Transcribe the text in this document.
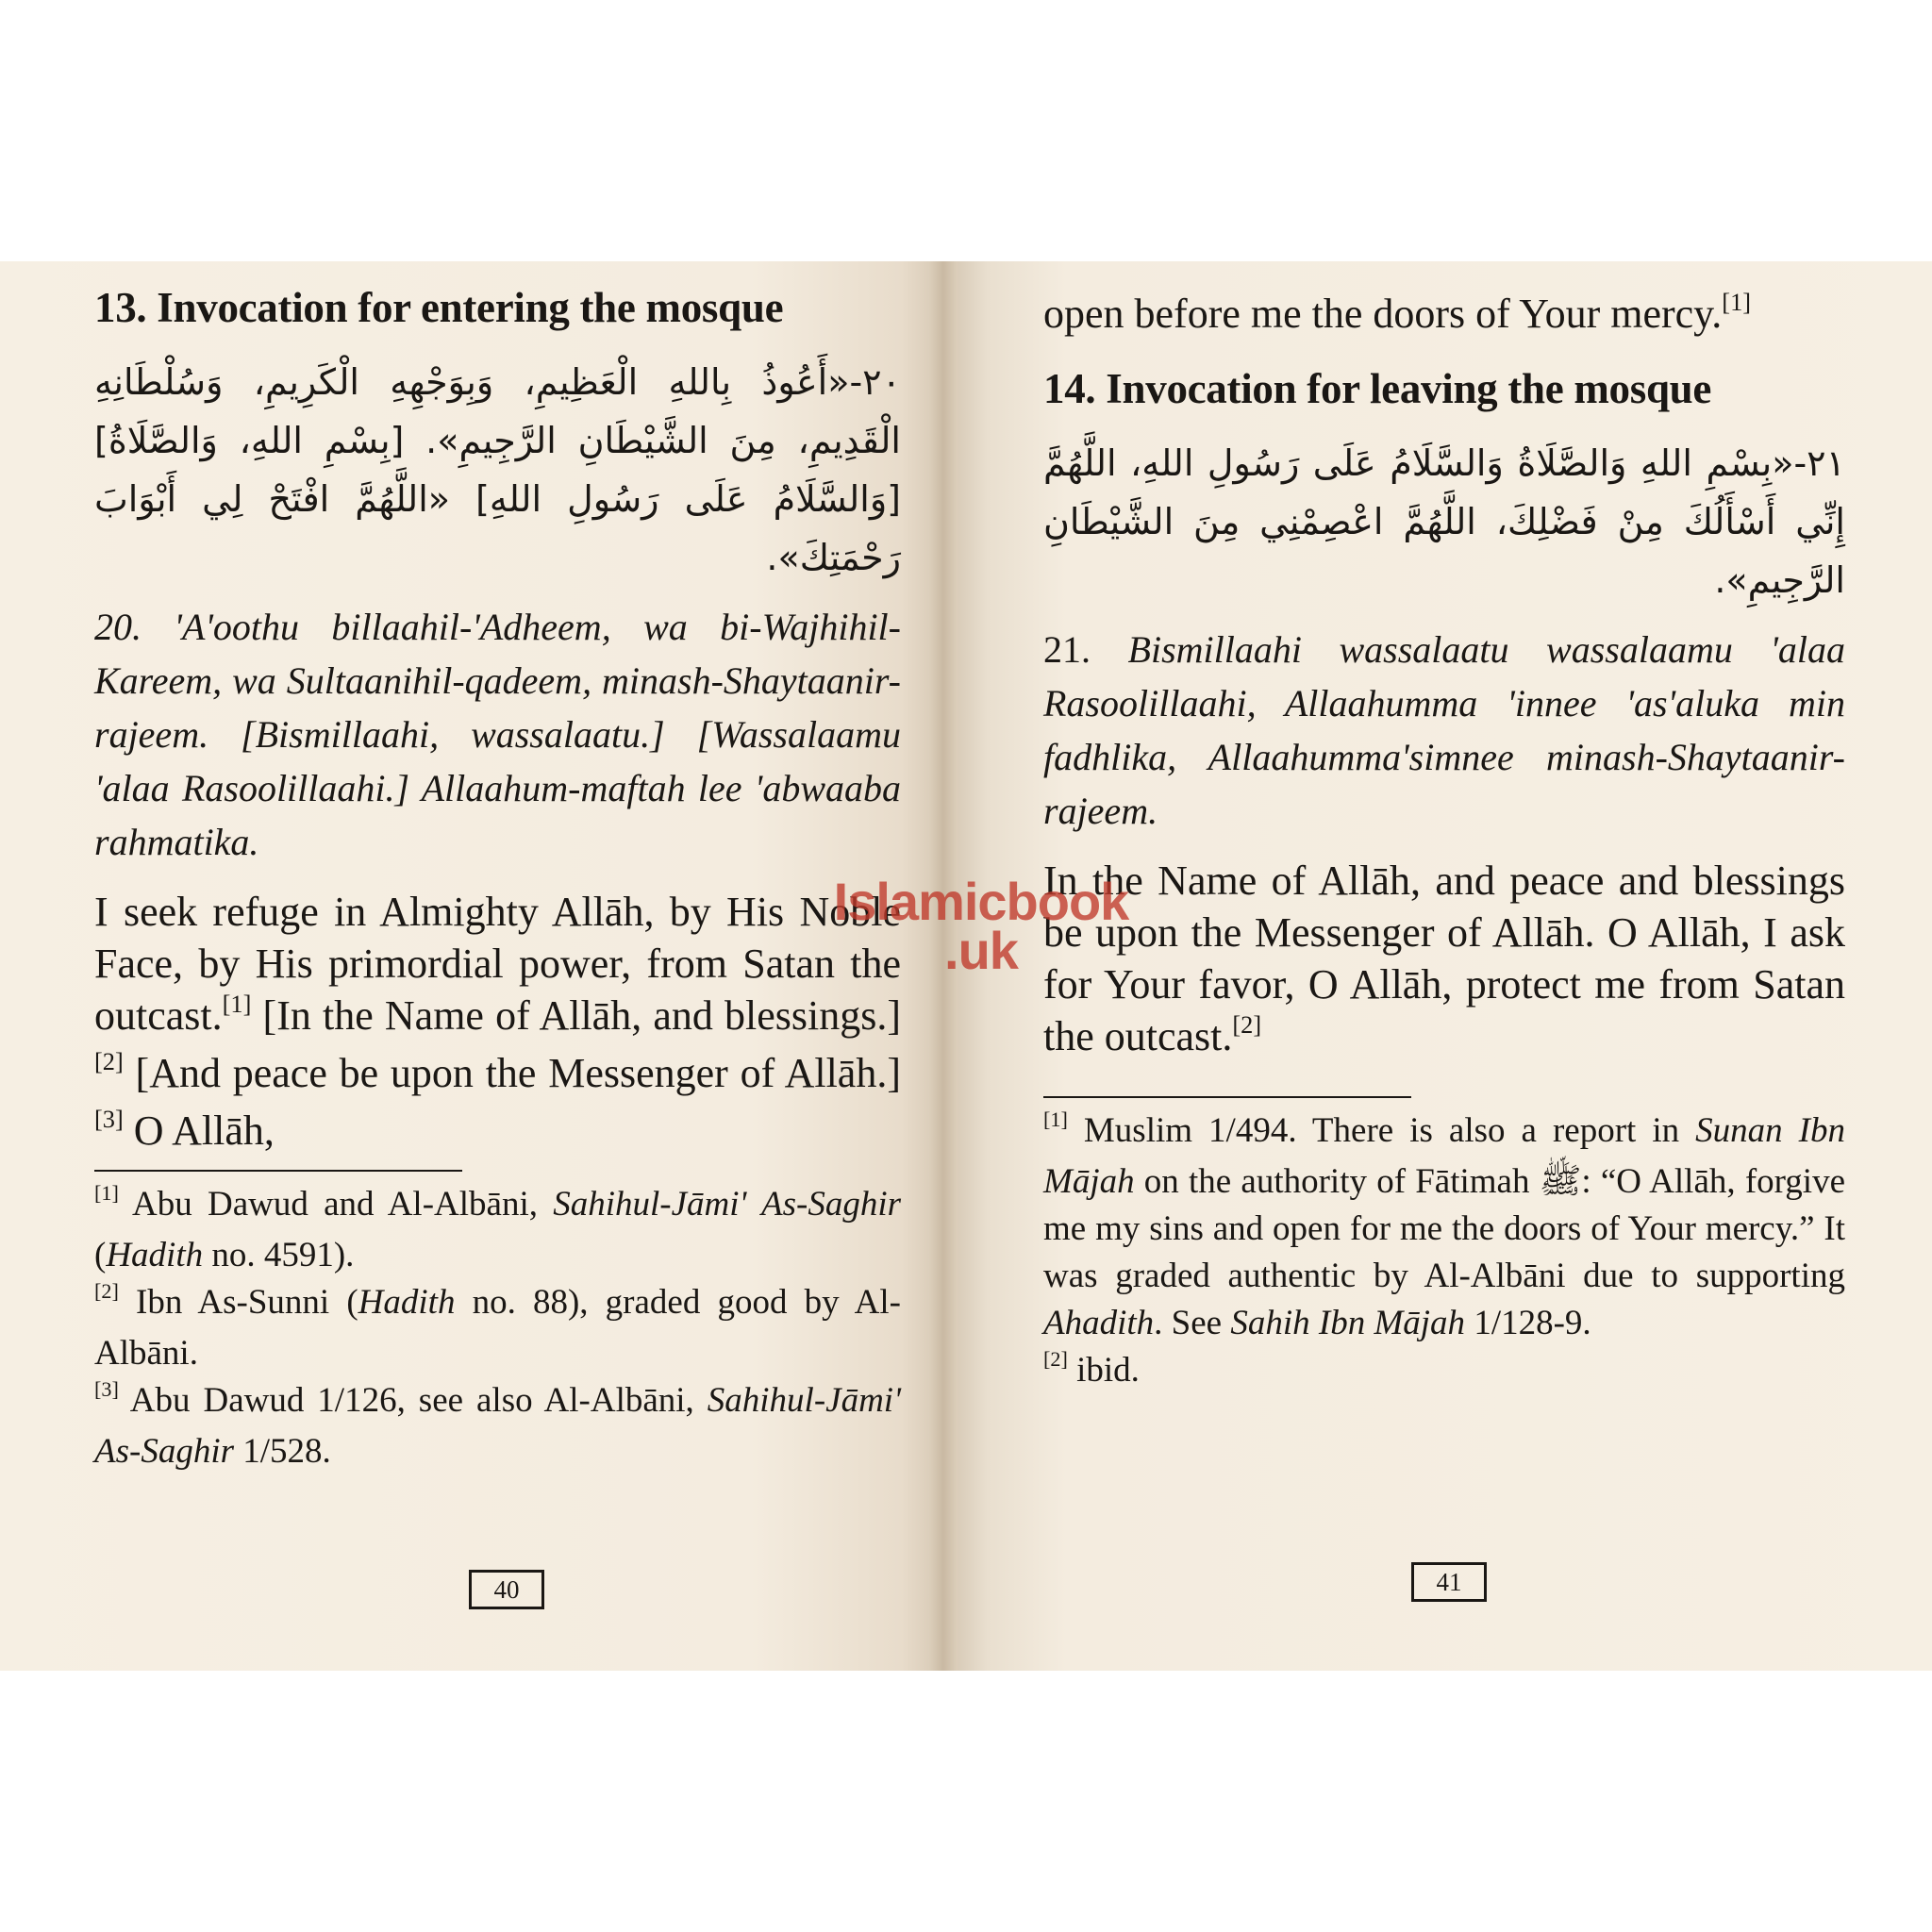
13. Invocation for entering the mosque

٢٠-«أَعُوذُ بِاللهِ الْعَظِيمِ، وَبِوَجْهِهِ الْكَرِيمِ، وَسُلْطَانِهِ الْقَدِيمِ، مِنَ الشَّيْطَانِ الرَّجِيمِ». [بِسْمِ اللهِ، وَالصَّلَاةُ] [وَالسَّلَامُ عَلَى رَسُولِ اللهِ] «اللَّهُمَّ افْتَحْ لِي أَبْوَابَ رَحْمَتِكَ».

20. 'A'oothu billaahil-'Adheem, wa bi-Wajhihil-Kareem, wa Sultaanihil-qadeem, minash-Shaytaanir-rajeem. [Bismillaahi, wassalaatu.] [Wassalaamu 'alaa Rasoolillaahi.] Allaahum-maftah lee 'abwaaba rahmatika.

I seek refuge in Almighty Allāh, by His Noble Face, by His primordial power, from Satan the outcast.[1] [In the Name of Allāh, and blessings.][2] [And peace be upon the Messenger of Allāh.][3] O Allāh,

[1] Abu Dawud and Al-Albāni, Sahihul-Jāmi' As-Saghir (Hadith no. 4591).

[2] Ibn As-Sunni (Hadith no. 88), graded good by Al-Albāni.

[3] Abu Dawud 1/126, see also Al-Albāni, Sahihul-Jāmi' As-Saghir 1/528.

40

open before me the doors of Your mercy.[1]

14. Invocation for leaving the mosque

٢١-«بِسْمِ اللهِ وَالصَّلَاةُ وَالسَّلَامُ عَلَى رَسُولِ اللهِ، اللَّهُمَّ إِنِّي أَسْأَلُكَ مِنْ فَضْلِكَ، اللَّهُمَّ اعْصِمْنِي مِنَ الشَّيْطَانِ الرَّجِيمِ».

21. Bismillaahi wassalaatu wassalaamu 'alaa Rasoolillaahi, Allaahumma 'innee 'as'aluka min fadhlika, Allaahumma'simnee minash-Shaytaanir-rajeem.

In the Name of Allāh, and peace and blessings be upon the Messenger of Allāh. O Allāh, I ask for Your favor, O Allāh, protect me from Satan the outcast.[2]

[1] Muslim 1/494. There is also a report in Sunan Ibn Mājah on the authority of Fātimah ﷺ: “O Allāh, forgive me my sins and open for me the doors of Your mercy.” It was graded authentic by Al-Albāni due to supporting Ahadith. See Sahih Ibn Mājah 1/128-9.

[2] ibid.

41
Islamicbook
.uk
